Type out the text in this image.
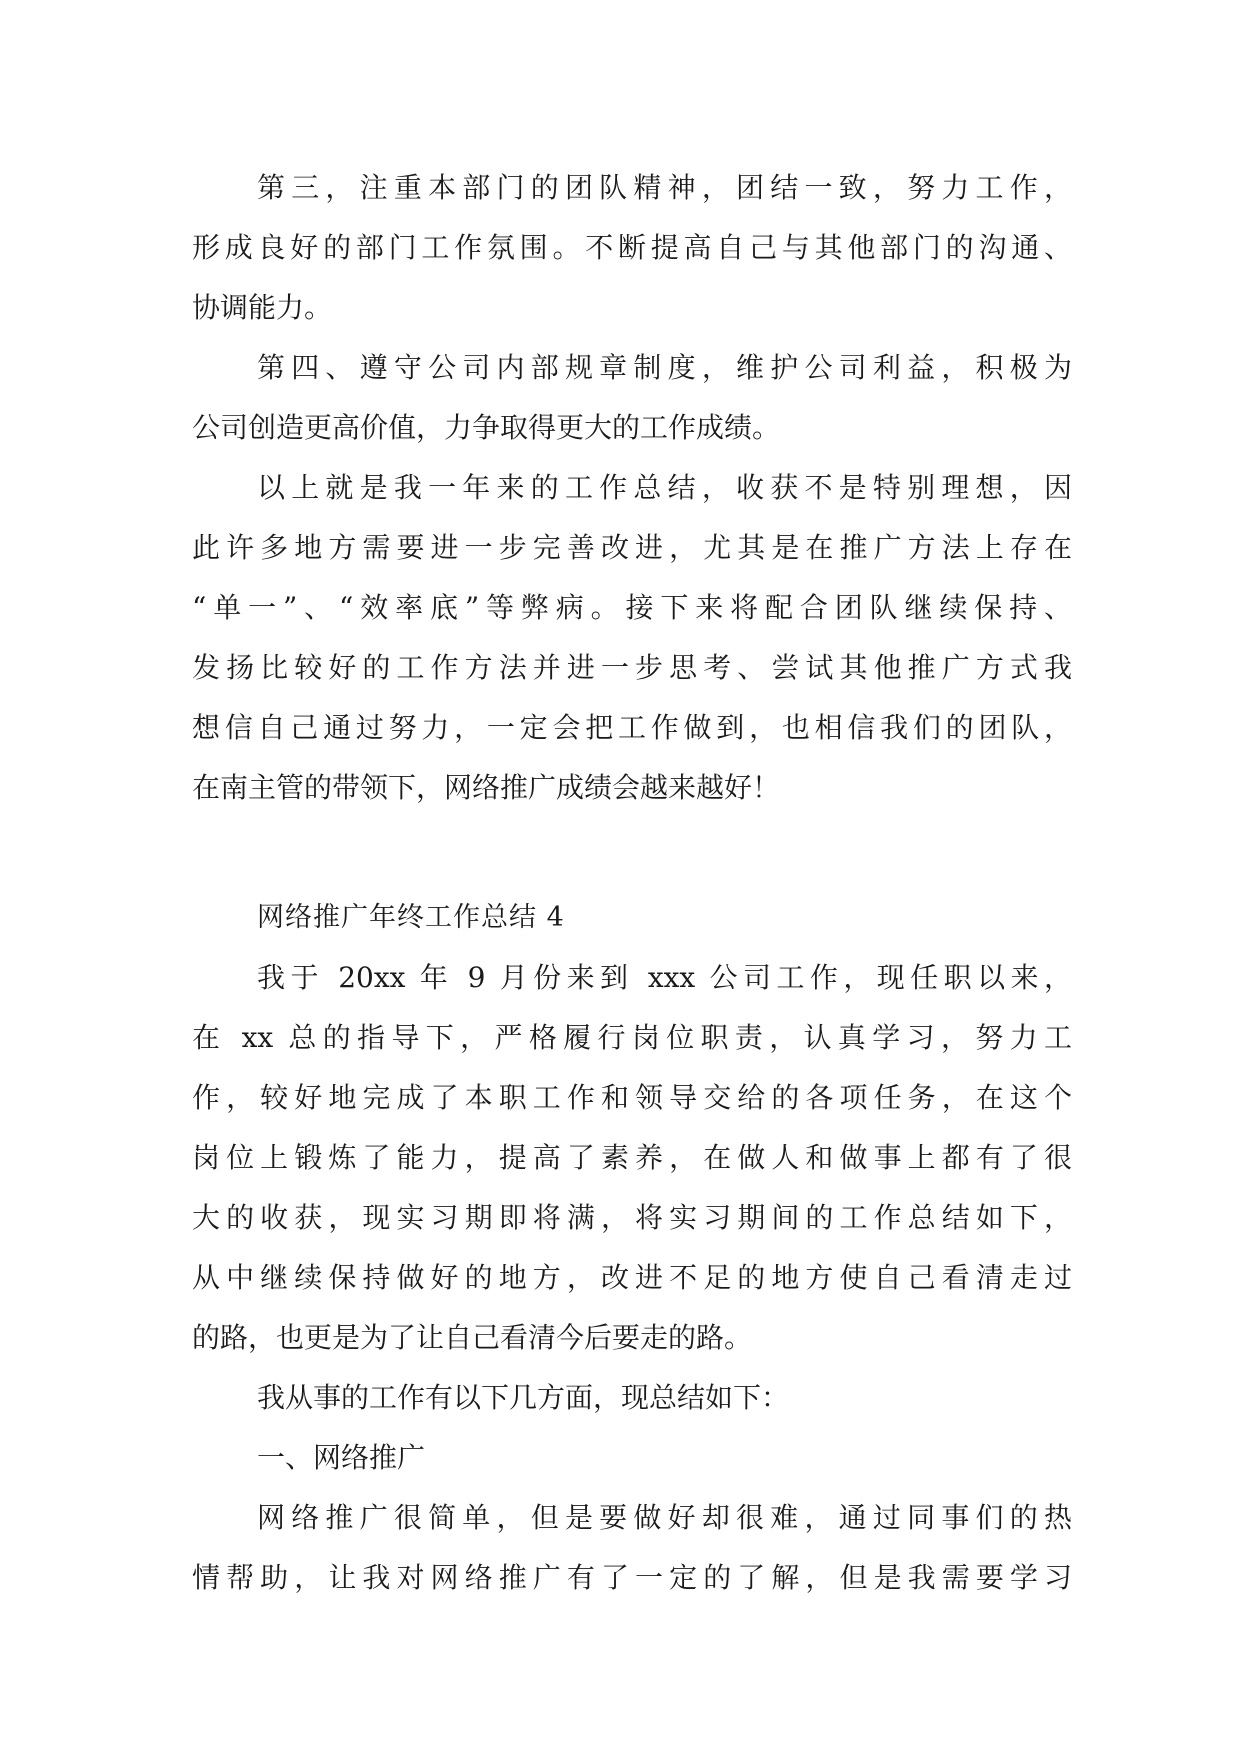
第三，注重本部门的团队精神，团结一致，努力工作，
形成良好的部门工作氛围。不断提高自己与其他部门的沟通、
协调能力。
第四、遵守公司内部规章制度，维护公司利益，积极为
公司创造更高价值，力争取得更大的工作成绩。
以上就是我一年来的工作总结，收获不是特别理想，因
此许多地方需要进一步完善改进，尤其是在推广方法上存在
“单一”、“效率底”等弊病。接下来将配合团队继续保持、
发扬比较好的工作方法并进一步思考、尝试其他推广方式我
想信自己通过努力，一定会把工作做到，也相信我们的团队，
在南主管的带领下，网络推广成绩会越来越好！
网络推广年终工作总结 4
我于 20xx 年 9 月份来到 xxx 公司工作，现任职以来，
在 xx 总的指导下，严格履行岗位职责，认真学习，努力工
作，较好地完成了本职工作和领导交给的各项任务，在这个
岗位上锻炼了能力，提高了素养，在做人和做事上都有了很
大的收获，现实习期即将满，将实习期间的工作总结如下，
从中继续保持做好的地方，改进不足的地方使自己看清走过
的路，也更是为了让自己看清今后要走的路。
我从事的工作有以下几方面，现总结如下：
一、网络推广
网络推广很简单，但是要做好却很难，通过同事们的热
情帮助，让我对网络推广有了一定的了解，但是我需要学习
